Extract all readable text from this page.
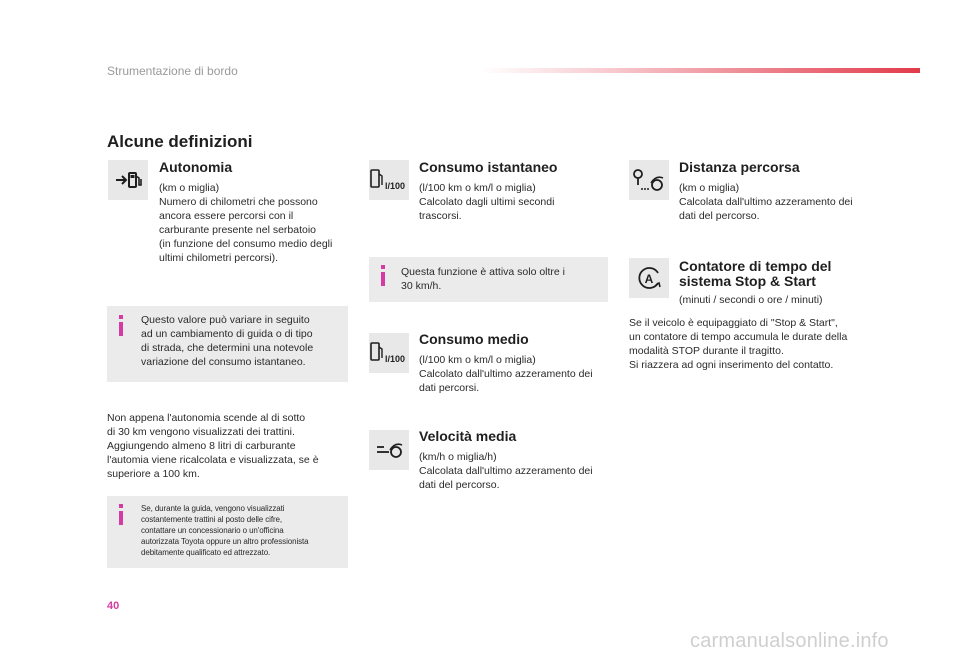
Strumentazione di bordo
Alcune definizioni
Autonomia
(km o miglia)
Numero di chilometri che possono
ancora essere percorsi con il
carburante presente nel serbatoio
(in funzione del consumo medio degli
ultimi chilometri percorsi).
Questo valore può variare in seguito
ad un cambiamento di guida o di tipo
di strada, che determini una notevole
variazione del consumo istantaneo.
Non appena l'autonomia scende al di sotto
di 30 km vengono visualizzati dei trattini.
Aggiungendo almeno 8 litri di carburante
l'automia viene ricalcolata e visualizzata, se è
superiore a 100 km.
Se, durante la guida, vengono visualizzati
costantemente trattini al posto delle cifre,
contattare un concessionario o un'officina
autorizzata Toyota oppure un altro professionista
debitamente qualificato ed attrezzato.
l/100
Consumo istantaneo
(l/100 km o km/l o miglia)
Calcolato dagli ultimi secondi
trascorsi.
Questa funzione è attiva solo oltre i
30 km/h.
l/100
Consumo medio
(l/100 km o km/l o miglia)
Calcolato dall'ultimo azzeramento dei
dati percorsi.
Velocità media
(km/h o miglia/h)
Calcolata dall'ultimo azzeramento dei
dati del percorso.
Distanza percorsa
(km o miglia)
Calcolata dall'ultimo azzeramento dei
dati del percorso.
A
Contatore di tempo del
sistema Stop & Start
(minuti / secondi o ore / minuti)
Se il veicolo è equipaggiato di "Stop & Start",
un contatore di tempo accumula le durate della
modalità STOP durante il tragitto.
Si riazzera ad ogni inserimento del contatto.
40
carmanualsonline.info
